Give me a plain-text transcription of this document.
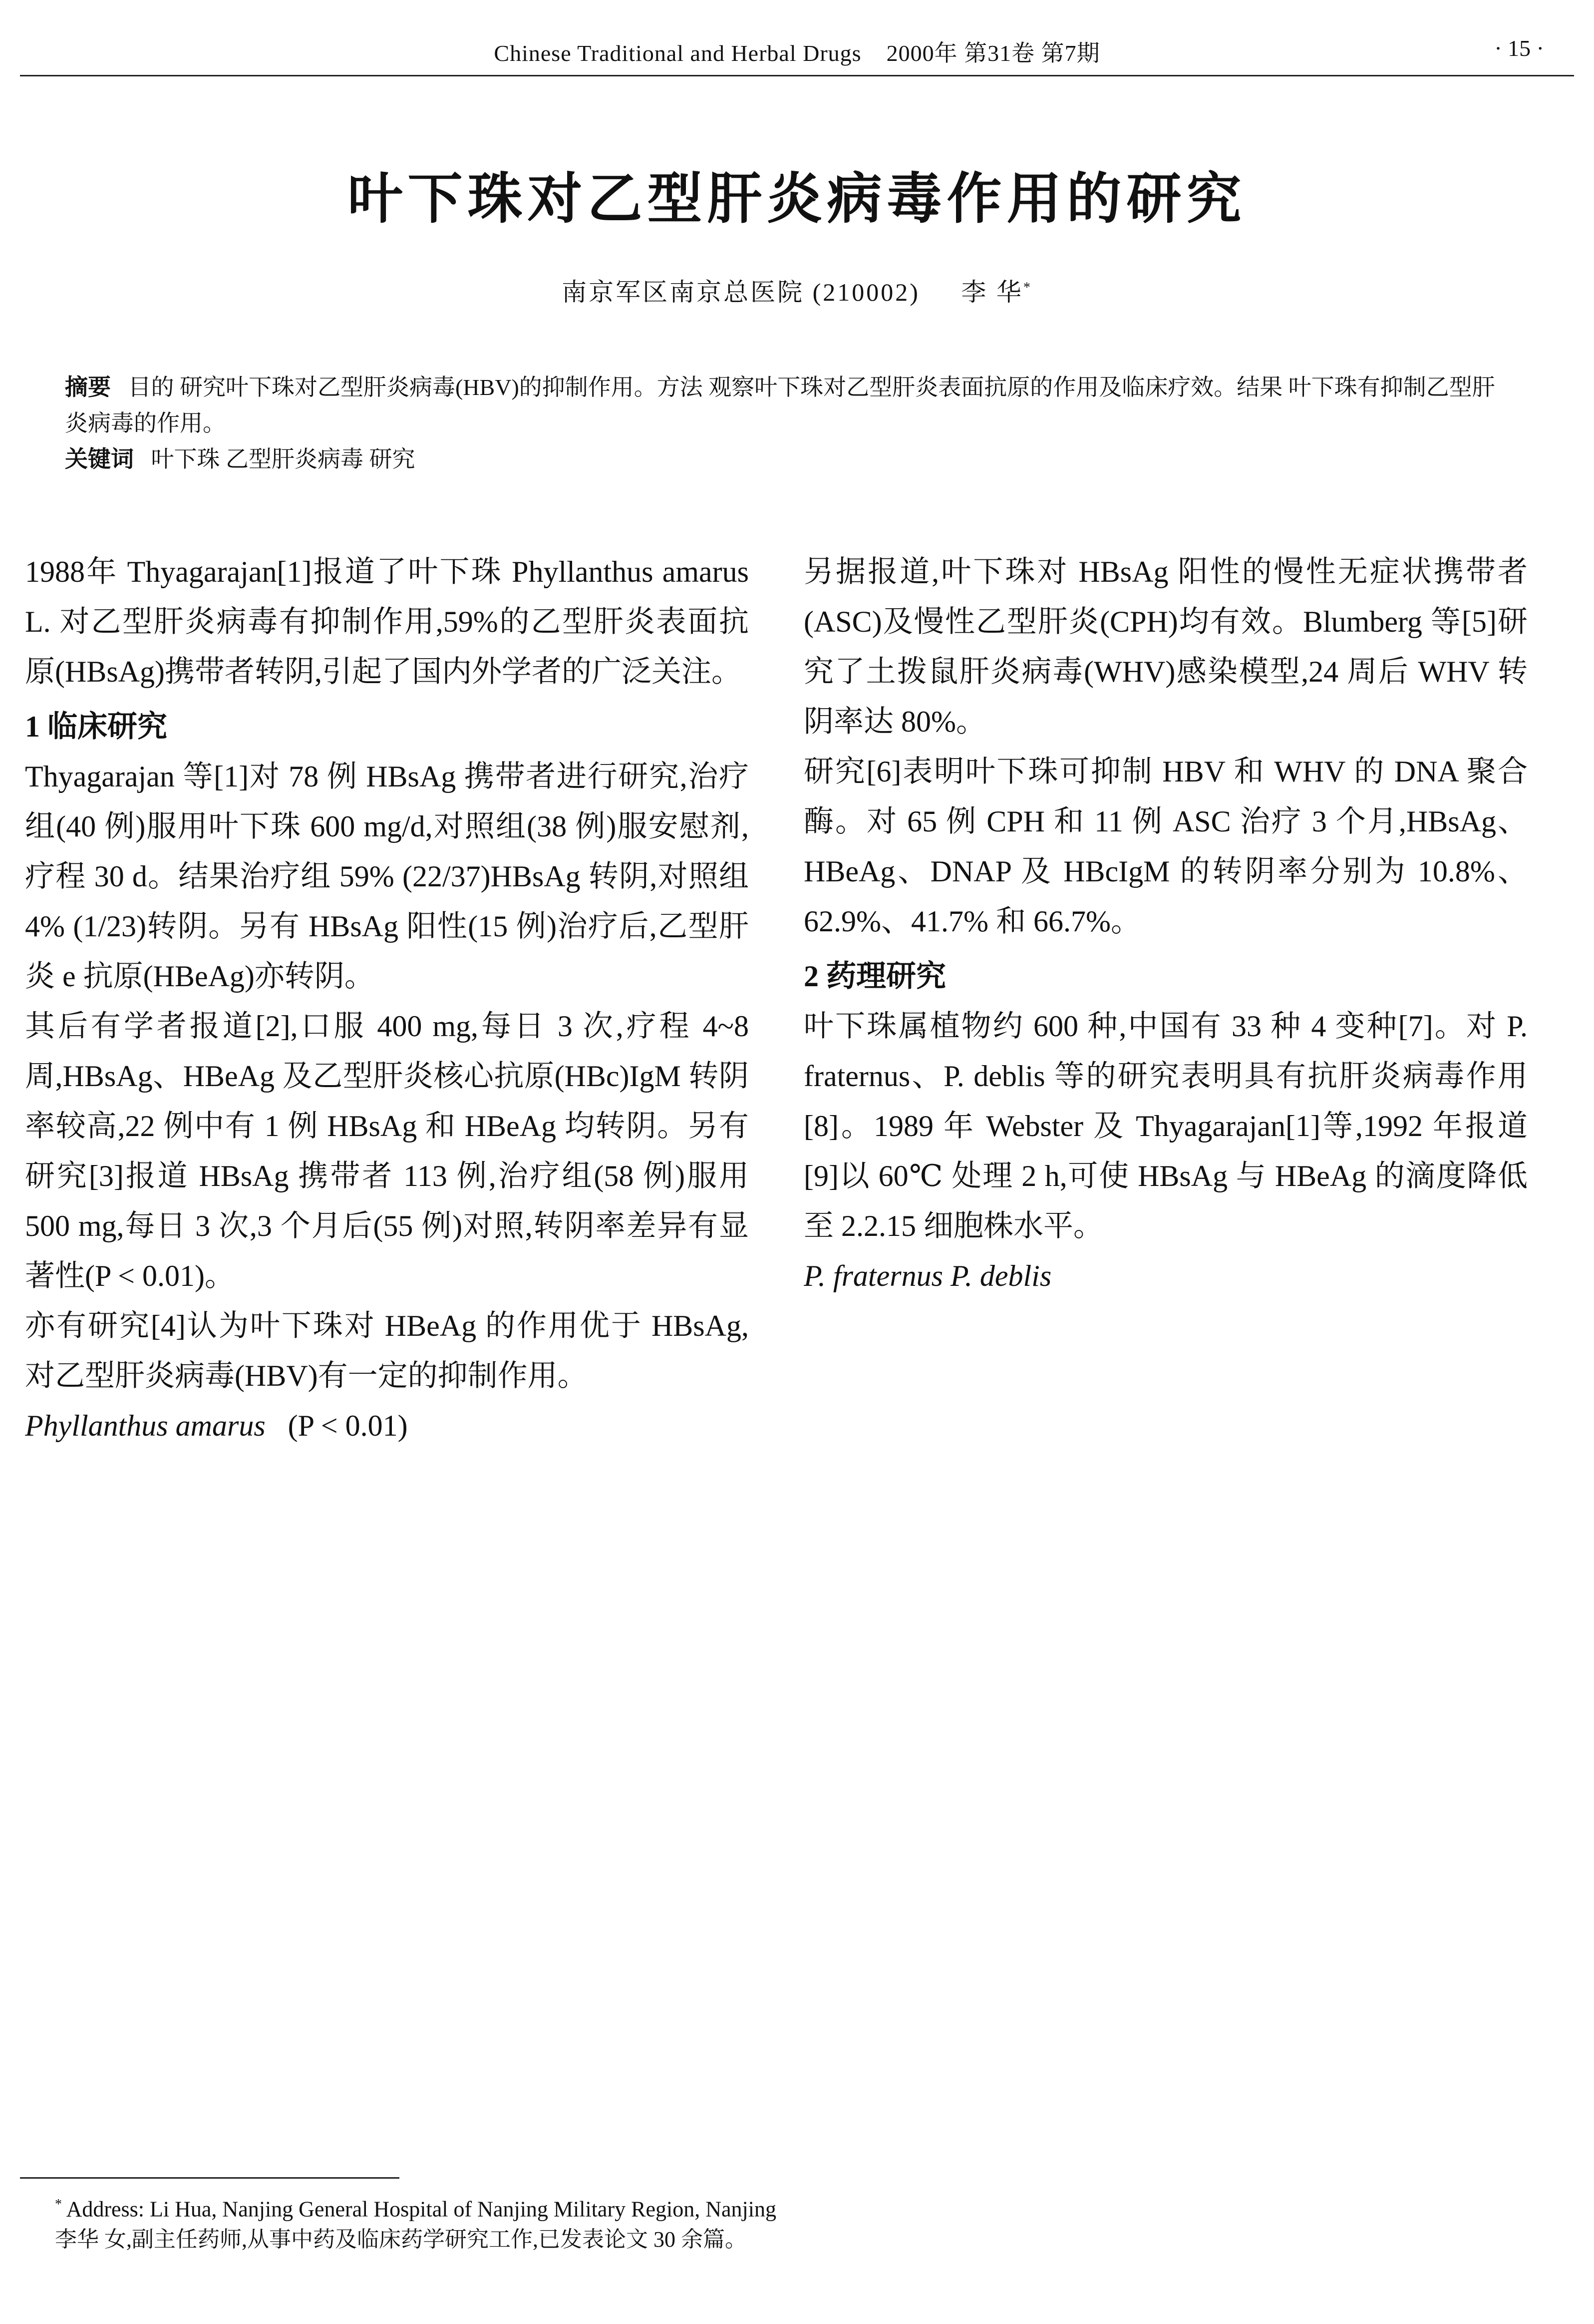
Chinese Traditional and Herbal Drugs 2000年 第31卷 第7期	· 15 ·
叶下珠对乙型肝炎病毒作用的研究
南京军区南京总医院 (210002) 李 华*

摘要 目的 研究叶下珠对乙型肝炎病毒(HBV)的抑制作用。方法 观察叶下珠对乙型肝炎表面抗原的作用及临床疗效。结果 叶下珠有抑制乙型肝炎病毒的作用。

关键词 叶下珠 乙型肝炎病毒 研究

1988年 Thyagarajan[1]报道了叶下珠 Phyllanthus amarus L. 对乙型肝炎病毒有抑制作用,59%的乙型肝炎表面抗原(HBsAg)携带者转阴,引起了国内外学者的广泛关注。

1 临床研究

Thyagarajan 等[1]对 78 例 HBsAg 携带者进行研究,治疗组(40 例)服用叶下珠 600 mg/d,对照组(38 例)服安慰剂,疗程 30 d。结果治疗组 59% (22/37)HBsAg 转阴,对照组 4% (1/23)转阴。另有 HBsAg 阳性(15 例)治疗后,乙型肝炎 e 抗原(HBeAg)亦转阴。

其后有学者报道[2],口服 400 mg,每日 3 次,疗程 4~8 周,HBsAg、HBeAg 及乙型肝炎核心抗原(HBc)IgM 转阴率较高,22 例中有 1 例 HBsAg 和 HBeAg 均转阴。另有研究[3]报道 HBsAg 携带者 113 例,治疗组(58 例)服用 500 mg,每日 3 次,3 个月后(55 例)对照,转阴率差异有显著性(P < 0.01)。

亦有研究[4]认为叶下珠对 HBeAg 的作用优于 HBsAg,对乙型肝炎病毒(HBV)有一定的抑制作用。

Phyllanthus amarus (P < 0.01)

另据报道,叶下珠对 HBsAg 阳性的慢性无症状携带者(ASC)及慢性乙型肝炎(CPH)均有效。Blumberg 等[5]研究了土拨鼠肝炎病毒(WHV)感染模型,24 周后 WHV 转阴率达 80%。

研究[6]表明叶下珠可抑制 HBV 和 WHV 的 DNA 聚合酶。对 65 例 CPH 和 11 例 ASC 治疗 3 个月,HBsAg、HBeAg、DNAP 及 HBcIgM 的转阴率分别为 10.8%、62.9%、41.7% 和 66.7%。

2 药理研究

叶下珠属植物约 600 种,中国有 33 种 4 变种[7]。对 P. fraternus、P. deblis 等的研究表明具有抗肝炎病毒作用[8]。1989 年 Webster 及 Thyagarajan[1]等,1992 年报道[9]以 60℃ 处理 2 h,可使 HBsAg 与 HBeAg 的滴度降低至 2.2.15 细胞株水平。

P. fraternus P. deblis

* Address: Li Hua, Nanjing General Hospital of Nanjing Military Region, Nanjing

李华 女,副主任药师,从事中药及临床药学研究工作,已发表论文 30 余篇。
